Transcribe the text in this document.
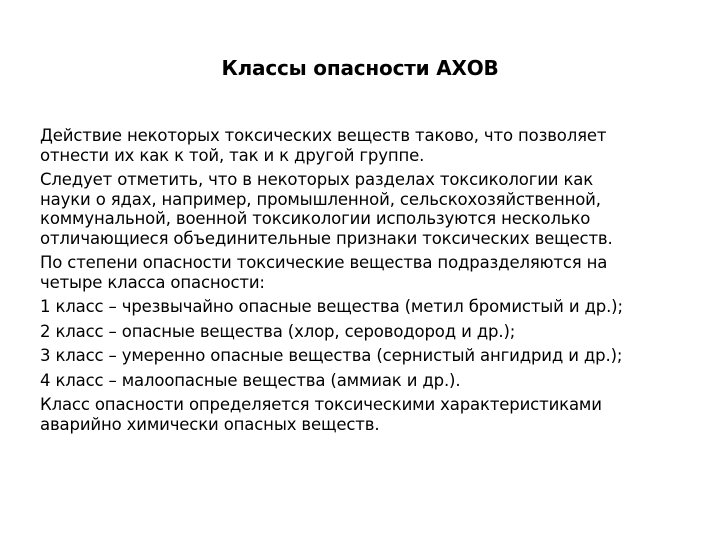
Классы опасности АХОВ

Действие некоторых токсических веществ таково, что позволяет
отнести их как к той, так и к другой группе.

Следует отметить, что в некоторых разделах токсикологии как
науки о ядах, например, промышленной, сельскохозяйственной,
коммунальной, военной токсикологии используются несколько
отличающиеся объединительные признаки токсических веществ.

По степени опасности токсические вещества подразделяются на
четыре класса опасности:

1 класс – чрезвычайно опасные вещества (метил бромистый и др.);

2 класс – опасные вещества (хлор, сероводород и др.);

3 класс – умеренно опасные вещества (сернистый ангидрид и др.);

4 класс – малоопасные вещества (аммиак и др.).

Класс опасности определяется токсическими характеристиками
аварийно химически опасных веществ.
